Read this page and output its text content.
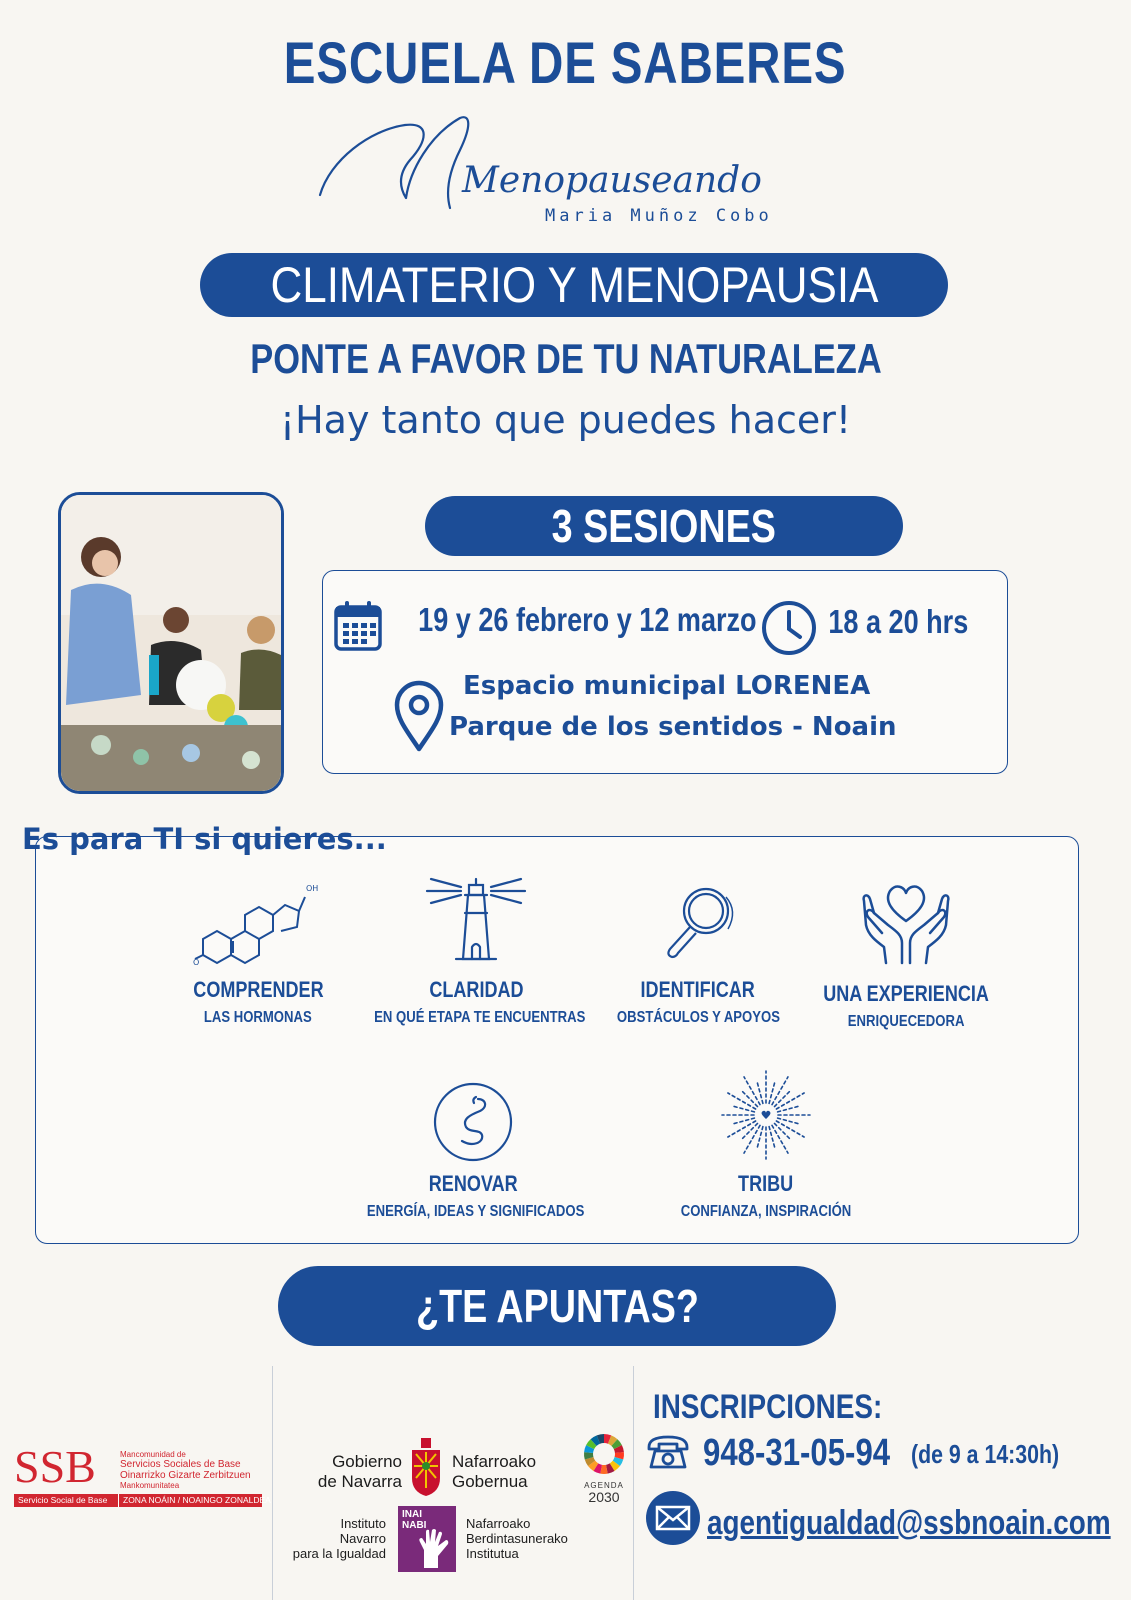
ESCUELA DE SABERES
Menopauseando
Maria Muñoz Cobo
CLIMATERIO Y MENOPAUSIA
PONTE A FAVOR DE TU NATURALEZA
¡Hay tanto que puedes hacer!
3 SESIONES
19 y 26 febrero y 12 marzo	18 a 20 hrs
Espacio municipal LORENEA
Parque de los sentidos - Noain
Es para TI si quieres...
OH
O
COMPRENDER
LAS HORMONAS
CLARIDAD
EN QUÉ ETAPA TE ENCUENTRAS
IDENTIFICAR
OBSTÁCULOS Y APOYOS
UNA EXPERIENCIA
ENRIQUECEDORA
RENOVAR
ENERGÍA, IDEAS Y SIGNIFICADOS
TRIBU
CONFIANZA, INSPIRACIÓN
¿TE APUNTAS?
SSB	Mancomunidad de
Servicios Sociales de Base
Oinarrizko Gizarte Zerbitzuen
Mankomunitatea
Servicio Social de Base	ZONA NOÁIN / NOAINGO ZONALDEA
Gobierno
de Navarra
Nafarroako
Gobernua	AGENDA
2030
Instituto
Navarro
para la Igualdad
INAI
NABI	Nafarroako
Berdintasunerako
Institutua
INSCRIPCIONES:
948-31-05-94 (de 9 a 14:30h)
agentigualdad@ssbnoain.com
